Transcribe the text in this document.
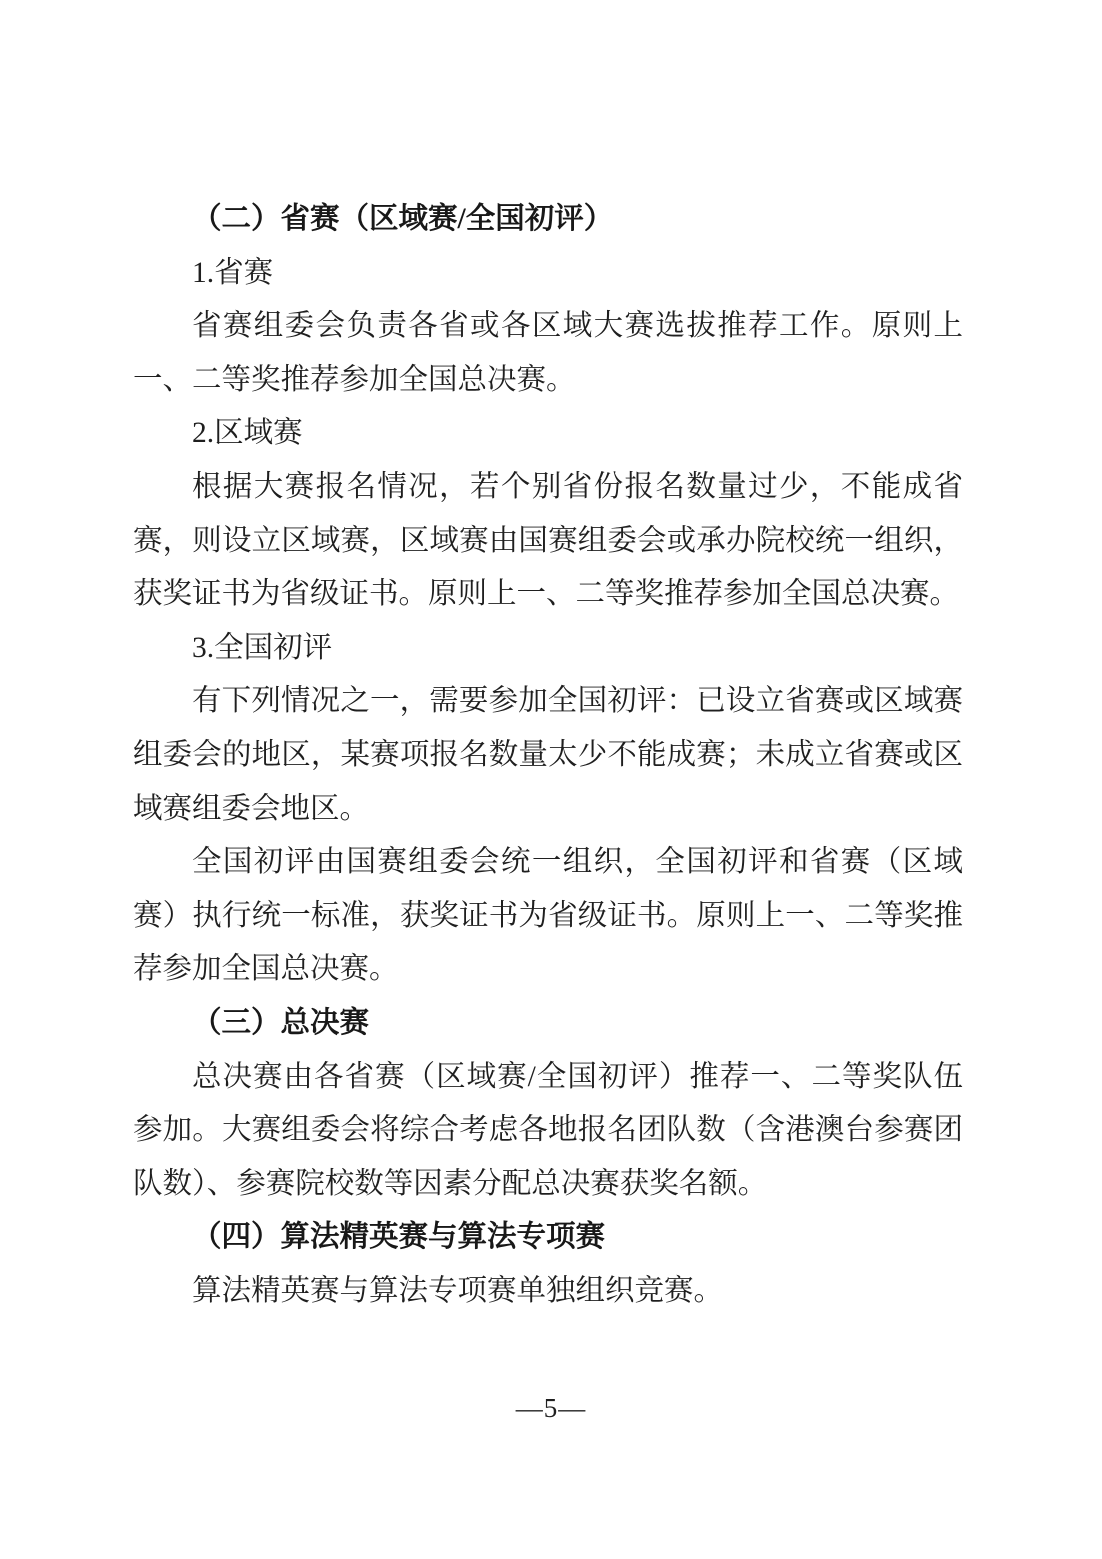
（二）省赛（区域赛/全国初评）

1.省赛

省赛组委会负责各省或各区域大赛选拔推荐工作。原则上一、二等奖推荐参加全国总决赛。

2.区域赛

根据大赛报名情况，若个别省份报名数量过少，不能成省赛，则设立区域赛，区域赛由国赛组委会或承办院校统一组织，获奖证书为省级证书。原则上一、二等奖推荐参加全国总决赛。

3.全国初评

有下列情况之一，需要参加全国初评：已设立省赛或区域赛组委会的地区，某赛项报名数量太少不能成赛；未成立省赛或区域赛组委会地区。

全国初评由国赛组委会统一组织，全国初评和省赛（区域赛）执行统一标准，获奖证书为省级证书。原则上一、二等奖推荐参加全国总决赛。

（三）总决赛

总决赛由各省赛（区域赛/全国初评）推荐一、二等奖队伍参加。大赛组委会将综合考虑各地报名团队数（含港澳台参赛团队数）、参赛院校数等因素分配总决赛获奖名额。

（四）算法精英赛与算法专项赛

算法精英赛与算法专项赛单独组织竞赛。

—5—
